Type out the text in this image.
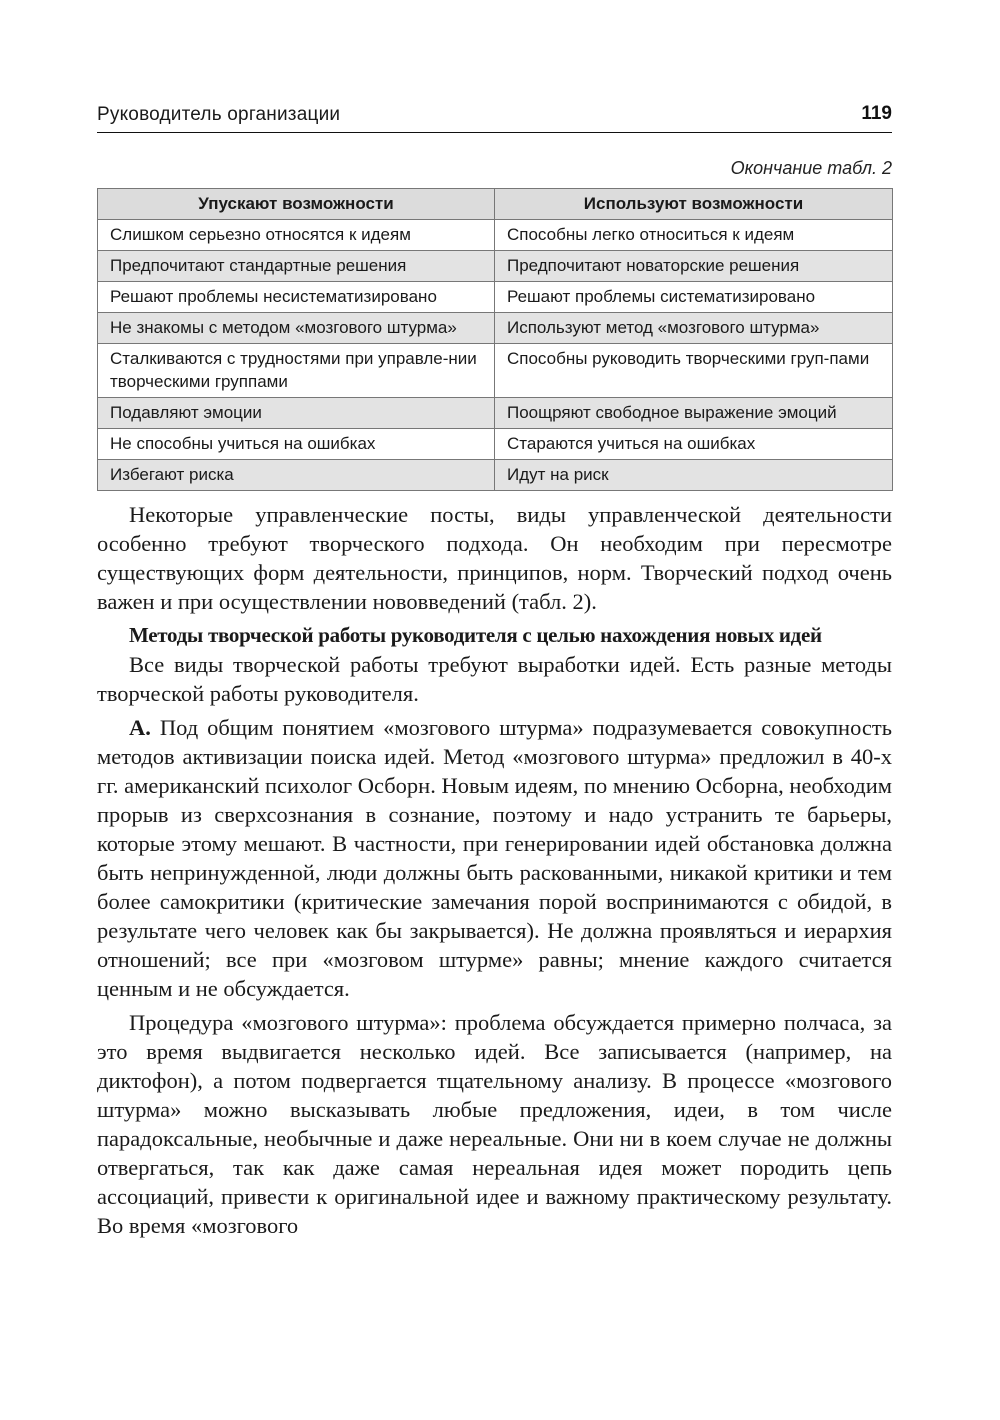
Руководитель организации	119
Окончание табл. 2
Упускают возможности	Используют возможности
Слишком серьезно относятся к идеям	Способны легко относиться к идеям
Предпочитают стандартные решения	Предпочитают новаторские решения
Решают проблемы несистематизировано	Решают проблемы систематизировано
Не знакомы с методом «мозгового штурма»	Используют метод «мозгового штурма»
Сталкиваются с трудностями при управле-нии творческими группами	Способны руководить творческими груп-пами
Подавляют эмоции	Поощряют свободное выражение эмоций
Не способны учиться на ошибках	Стараются учиться на ошибках
Избегают риска	Идут на риск

Некоторые управленческие посты, виды управленческой деятельности особенно требуют творческого подхода. Он необходим при пересмотре существующих форм деятельности, принципов, норм. Творческий подход очень важен и при осуществлении нововведений (табл. 2).

Методы творческой работы руководителя с целью нахождения новых идей

Все виды творческой работы требуют выработки идей. Есть разные методы творческой работы руководителя.

А. Под общим понятием «мозгового штурма» подразумевается совокупность методов активизации поиска идей. Метод «мозгового штурма» предложил в 40-х гг. американский психолог Осборн. Новым идеям, по мнению Осборна, необходим прорыв из сверхсознания в сознание, поэтому и надо устранить те барьеры, которые этому мешают. В частности, при генерировании идей обстановка должна быть непринужденной, люди должны быть раскованными, никакой критики и тем более самокритики (критические замечания порой воспринимаются с обидой, в результате чего человек как бы закрывается). Не должна проявляться и иерархия отношений; все при «мозговом штурме» равны; мнение каждого считается ценным и не обсуждается.

Процедура «мозгового штурма»: проблема обсуждается примерно полчаса, за это время выдвигается несколько идей. Все записывается (например, на диктофон), а потом подвергается тщательному анализу. В процессе «мозгового штурма» можно высказывать любые предложения, идеи, в том числе парадоксальные, необычные и даже нереальные. Они ни в коем случае не должны отвергаться, так как даже самая нереальная идея может породить цепь ассоциаций, привести к оригинальной идее и важному практическому результату. Во время «мозгового
